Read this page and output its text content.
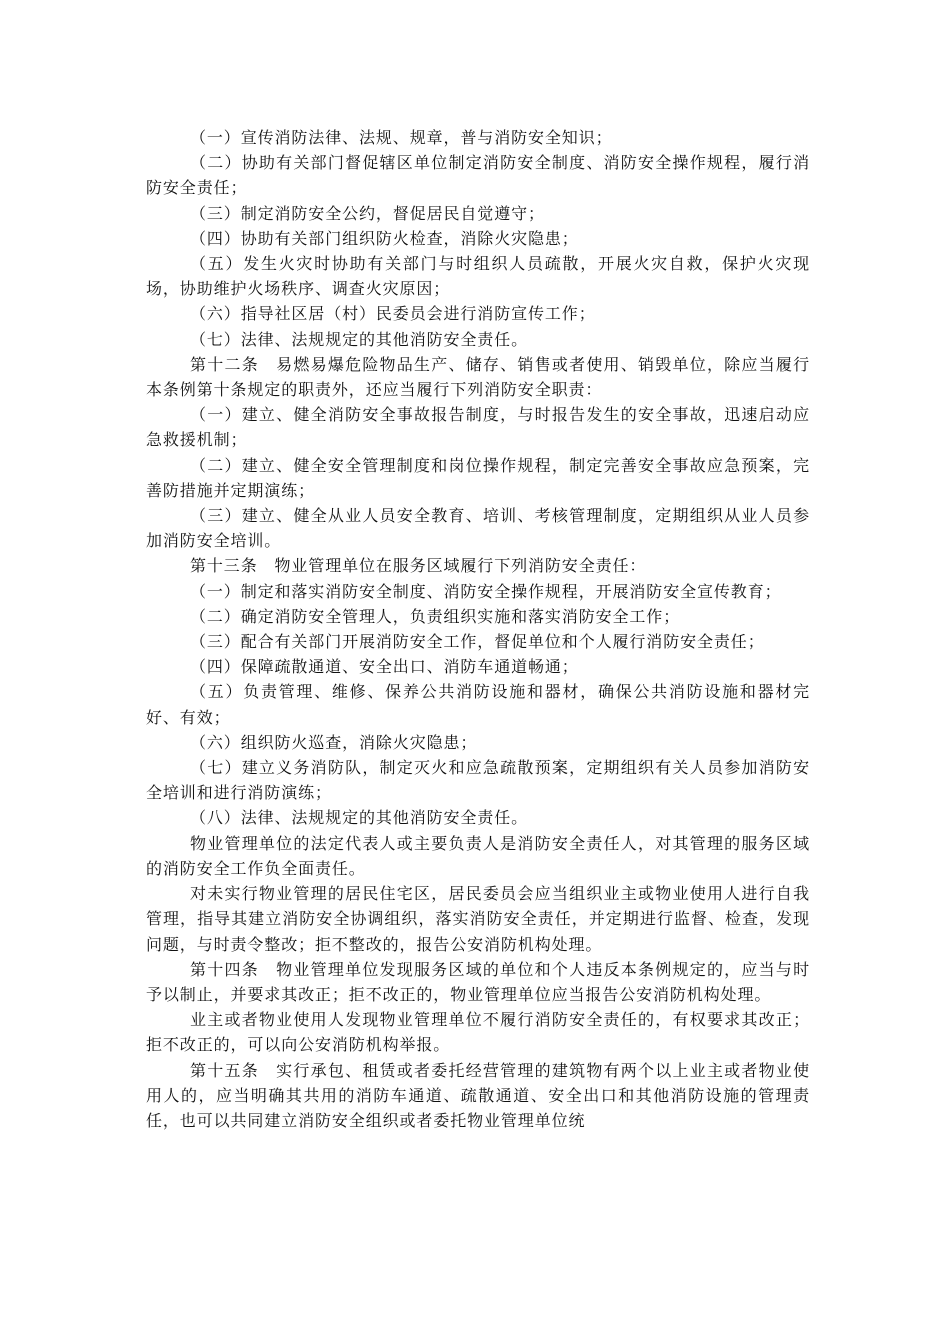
（一）宣传消防法律、法规、规章，普与消防安全知识；

（二）协助有关部门督促辖区单位制定消防安全制度、消防安全操作规程，履行消防安全责任；

（三）制定消防安全公约，督促居民自觉遵守；

（四）协助有关部门组织防火检查，消除火灾隐患；

（五）发生火灾时协助有关部门与时组织人员疏散，开展火灾自救，保护火灾现场，协助维护火场秩序、调查火灾原因；

（六）指导社区居（村）民委员会进行消防宣传工作；

（七）法律、法规规定的其他消防安全责任。

第十二条　易燃易爆危险物品生产、储存、销售或者使用、销毁单位，除应当履行本条例第十条规定的职责外，还应当履行下列消防安全职责：

（一）建立、健全消防安全事故报告制度，与时报告发生的安全事故，迅速启动应急救援机制；

（二）建立、健全安全管理制度和岗位操作规程，制定完善安全事故应急预案，完善防措施并定期演练；

（三）建立、健全从业人员安全教育、培训、考核管理制度，定期组织从业人员参加消防安全培训。

第十三条　物业管理单位在服务区域履行下列消防安全责任：

（一）制定和落实消防安全制度、消防安全操作规程，开展消防安全宣传教育；

（二）确定消防安全管理人，负责组织实施和落实消防安全工作；

（三）配合有关部门开展消防安全工作，督促单位和个人履行消防安全责任；

（四）保障疏散通道、安全出口、消防车通道畅通；

（五）负责管理、维修、保养公共消防设施和器材，确保公共消防设施和器材完好、有效；

（六）组织防火巡查，消除火灾隐患；

（七）建立义务消防队，制定灭火和应急疏散预案，定期组织有关人员参加消防安全培训和进行消防演练；

（八）法律、法规规定的其他消防安全责任。

物业管理单位的法定代表人或主要负责人是消防安全责任人，对其管理的服务区域的消防安全工作负全面责任。

对未实行物业管理的居民住宅区，居民委员会应当组织业主或物业使用人进行自我管理，指导其建立消防安全协调组织，落实消防安全责任，并定期进行监督、检查，发现问题，与时责令整改；拒不整改的，报告公安消防机构处理。

第十四条　物业管理单位发现服务区域的单位和个人违反本条例规定的，应当与时予以制止，并要求其改正；拒不改正的，物业管理单位应当报告公安消防机构处理。

业主或者物业使用人发现物业管理单位不履行消防安全责任的，有权要求其改正；拒不改正的，可以向公安消防机构举报。

第十五条　实行承包、租赁或者委托经营管理的建筑物有两个以上业主或者物业使用人的，应当明确其共用的消防车通道、疏散通道、安全出口和其他消防设施的管理责任，也可以共同建立消防安全组织或者委托物业管理单位统
